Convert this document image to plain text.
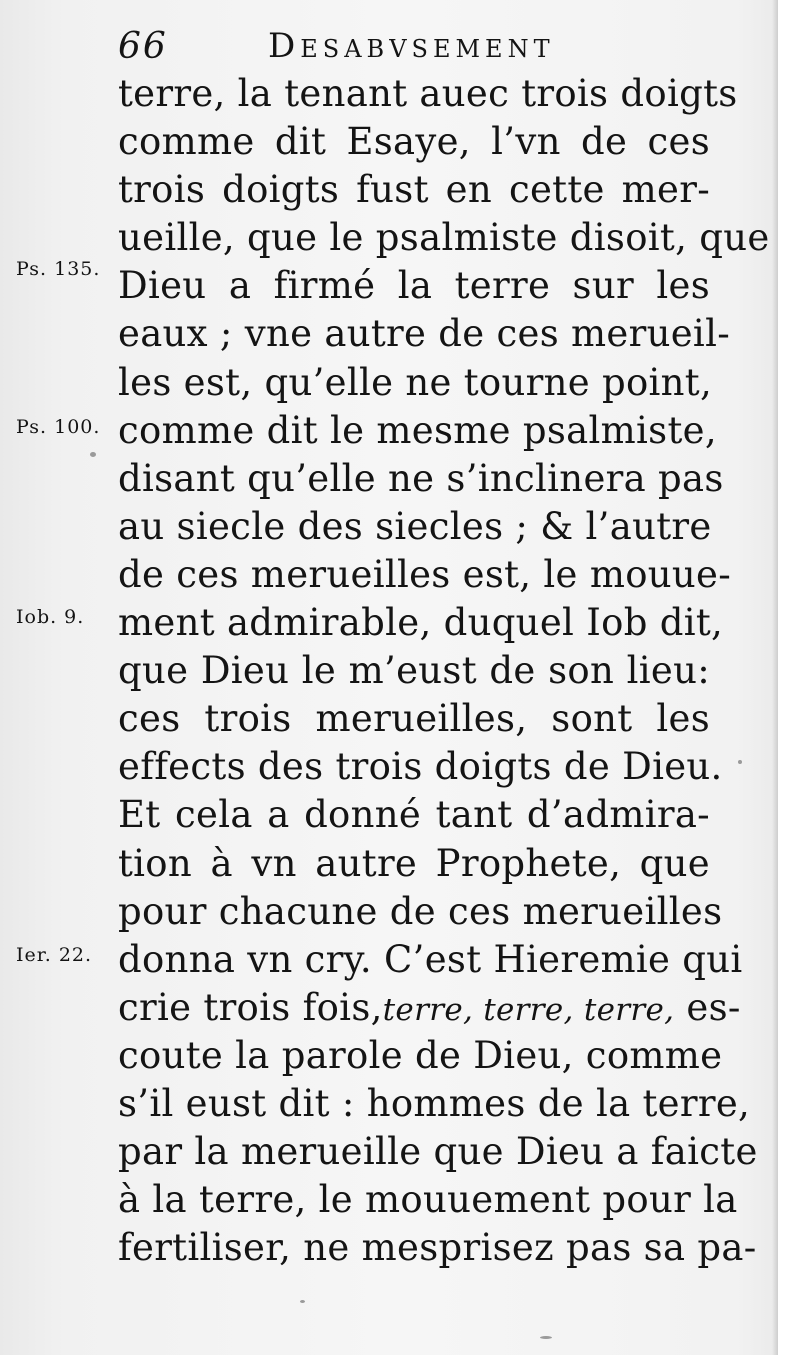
66	Desabvsement
terre, la tenant auec trois doigts
comme dit Esaye, l’vn de ces
trois doigts fust en cette mer-
ueille, que le psalmiste disoit, que
Dieu a firmé la terre sur les
eaux ; vne autre de ces merueil-
les est, qu’elle ne tourne point,
comme dit le mesme psalmiste,
disant qu’elle ne s’inclinera pas
au siecle des siecles ; & l’autre
de ces merueilles est, le mouue-
ment admirable, duquel Iob dit,
que Dieu le m’eust de son lieu:
ces trois merueilles, sont les
effects des trois doigts de Dieu.
Et cela a donné tant d’admira-
tion à vn autre Prophete, que
pour chacune de ces merueilles
donna vn cry. C’est Hieremie qui
crie trois fois,terre, terre, terre, es-
coute la parole de Dieu, comme
s’il eust dit : hommes de la terre,
par la merueille que Dieu a faicte
à la terre, le mouuement pour la
fertiliser, ne mesprisez pas sa pa-
Ps. 135.
Ps. 100.
Iob. 9.
Ier. 22.
